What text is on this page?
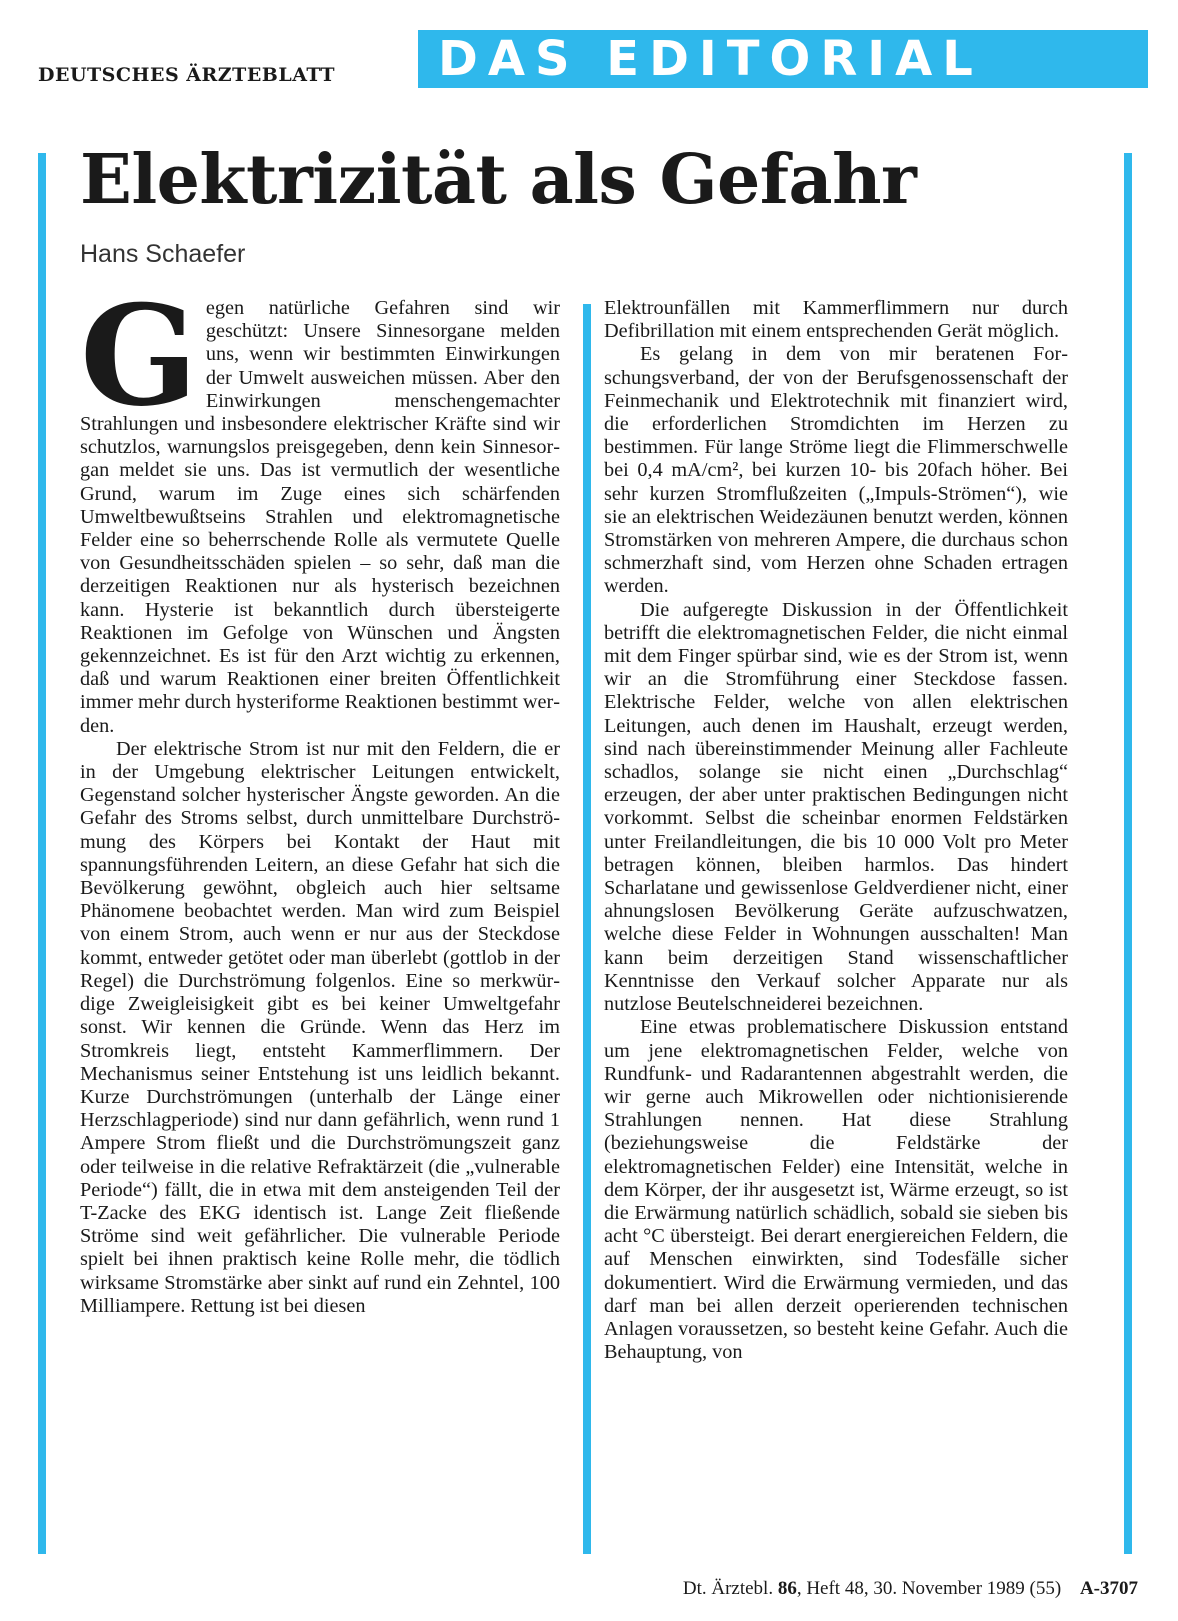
DEUTSCHES ÄRZTEBLATT	DAS EDITORIAL
Elektrizität als Gefahr
Hans Schaefer

Gegen natürliche Gefahren sind wir geschützt: Unsere Sinnesorgane melden uns, wenn wir bestimmten Einwirkungen der Umwelt ausweichen müssen. Aber den Einwirkungen menschengemachter Strahlungen und insbesondere elektrischer Kräfte sind wir schutzlos, warnungslos preisgegeben, denn kein Sinnesorgan meldet sie uns. Das ist vermutlich der wesentliche Grund, warum im Zuge eines sich schärfenden Umweltbewußtseins Strahlen und elektromagnetische Felder eine so beherrschende Rolle als vermutete Quelle von Gesundheitsschäden spielen – so sehr, daß man die derzeitigen Reaktionen nur als hysterisch bezeichnen kann. Hysterie ist bekanntlich durch übersteigerte Reaktionen im Gefolge von Wünschen und Ängsten gekennzeichnet. Es ist für den Arzt wichtig zu erkennen, daß und warum Reaktionen einer breiten Öffentlichkeit immer mehr durch hysteriforme Reaktionen bestimmt werden.

Der elektrische Strom ist nur mit den Feldern, die er in der Umgebung elektrischer Leitungen entwickelt, Gegenstand solcher hysterischer Ängste geworden. An die Gefahr des Stroms selbst, durch unmittelbare Durchströmung des Körpers bei Kontakt der Haut mit spannungsführenden Leitern, an diese Gefahr hat sich die Bevölkerung gewöhnt, obgleich auch hier seltsame Phänomene beobachtet werden. Man wird zum Beispiel von einem Strom, auch wenn er nur aus der Steckdose kommt, entweder getötet oder man überlebt (gottlob in der Regel) die Durchströmung folgenlos. Eine so merkwürdige Zweigleisigkeit gibt es bei keiner Umweltgefahr sonst. Wir kennen die Gründe. Wenn das Herz im Stromkreis liegt, entsteht Kammerflimmern. Der Mechanismus seiner Entstehung ist uns leidlich bekannt. Kurze Durchströmungen (unterhalb der Länge einer Herzschlagperiode) sind nur dann gefährlich, wenn rund 1 Ampere Strom fließt und die Durchströmungszeit ganz oder teilweise in die relative Refraktärzeit (die „vulnerable Periode“) fällt, die in etwa mit dem ansteigenden Teil der T-Zacke des EKG identisch ist. Lange Zeit fließende Ströme sind weit gefährlicher. Die vulnerable Periode spielt bei ihnen praktisch keine Rolle mehr, die tödlich wirksame Stromstärke aber sinkt auf rund ein Zehntel, 100 Milliampere. Rettung ist bei diesen

Elektrounfällen mit Kammerflimmern nur durch Defibrillation mit einem entsprechenden Gerät möglich.

Es gelang in dem von mir beratenen Forschungsverband, der von der Berufsgenossenschaft der Feinmechanik und Elektrotechnik mit finanziert wird, die erforderlichen Stromdichten im Herzen zu bestimmen. Für lange Ströme liegt die Flimmerschwelle bei 0,4 mA/cm², bei kurzen 10- bis 20fach höher. Bei sehr kurzen Stromflußzeiten („Impuls-Strömen“), wie sie an elektrischen Weidezäunen benutzt werden, können Stromstärken von mehreren Ampere, die durchaus schon schmerzhaft sind, vom Herzen ohne Schaden ertragen werden.

Die aufgeregte Diskussion in der Öffentlichkeit betrifft die elektromagnetischen Felder, die nicht einmal mit dem Finger spürbar sind, wie es der Strom ist, wenn wir an die Stromführung einer Steckdose fassen. Elektrische Felder, welche von allen elektrischen Leitungen, auch denen im Haushalt, erzeugt werden, sind nach übereinstimmender Meinung aller Fachleute schadlos, solange sie nicht einen „Durchschlag“ erzeugen, der aber unter praktischen Bedingungen nicht vorkommt. Selbst die scheinbar enormen Feldstärken unter Freilandleitungen, die bis 10 000 Volt pro Meter betragen können, bleiben harmlos. Das hindert Scharlatane und gewissenlose Geldverdiener nicht, einer ahnungslosen Bevölkerung Geräte aufzuschwatzen, welche diese Felder in Wohnungen ausschalten! Man kann beim derzeitigen Stand wissenschaftlicher Kenntnisse den Verkauf solcher Apparate nur als nutzlose Beutelschneiderei bezeichnen.

Eine etwas problematischere Diskussion entstand um jene elektromagnetischen Felder, welche von Rundfunk- und Radarantennen abgestrahlt werden, die wir gerne auch Mikrowellen oder nichtionisierende Strahlungen nennen. Hat diese Strahlung (beziehungsweise die Feldstärke der elektromagnetischen Felder) eine Intensität, welche in dem Körper, der ihr ausgesetzt ist, Wärme erzeugt, so ist die Erwärmung natürlich schädlich, sobald sie sieben bis acht °C übersteigt. Bei derart energiereichen Feldern, die auf Menschen einwirkten, sind Todesfälle sicher dokumentiert. Wird die Erwärmung vermieden, und das darf man bei allen derzeit operierenden technischen Anlagen voraussetzen, so besteht keine Gefahr. Auch die Behauptung, von

Dt. Ärztebl. 86, Heft 48, 30. November 1989 (55) A-3707
